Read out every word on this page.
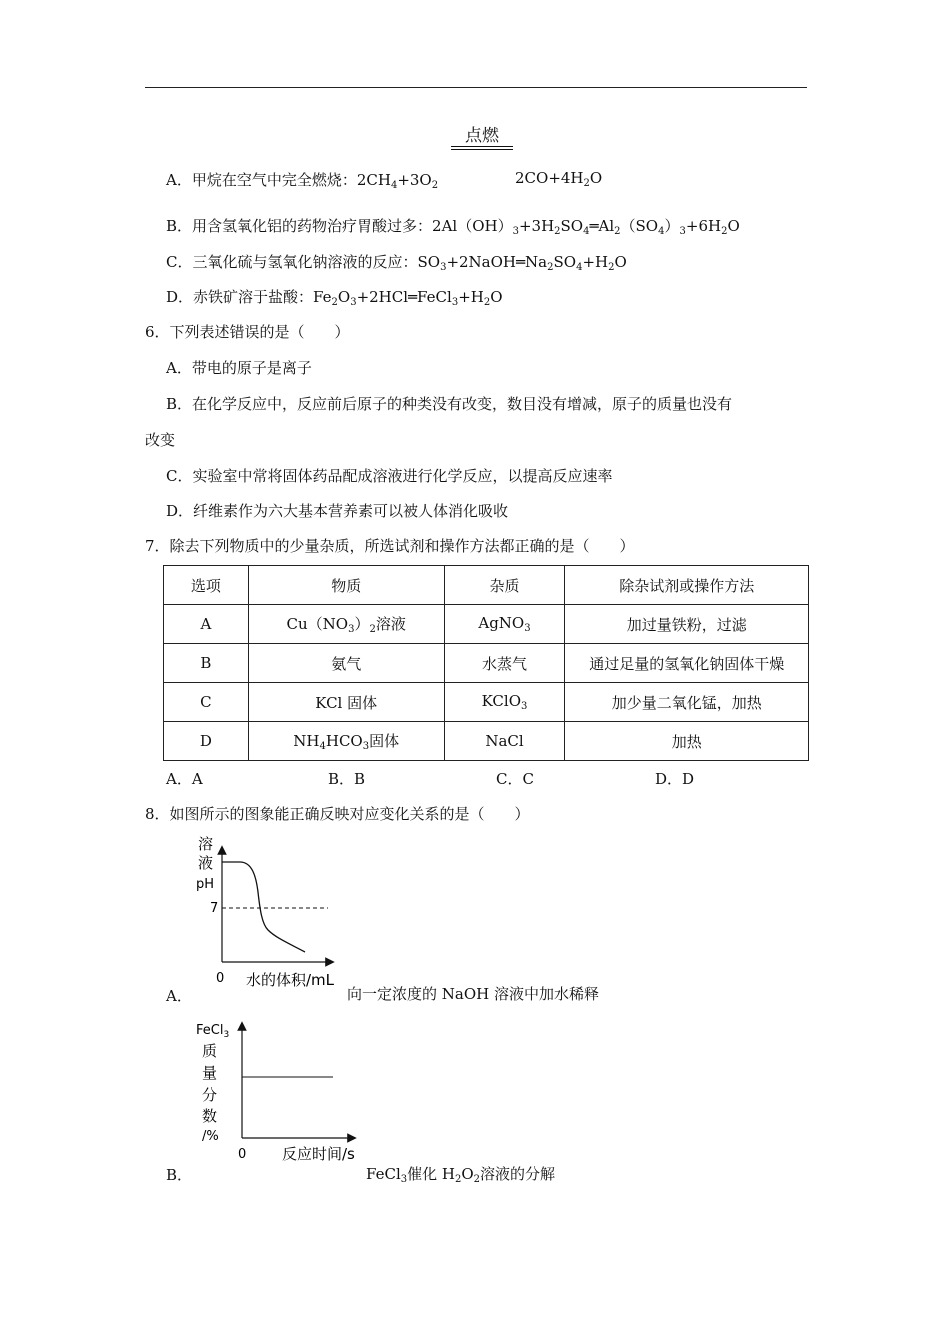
点燃
A．甲烷在空气中完全燃烧：$2CH_4+3O_2$	$2CO+4H_2O$
B．用含氢氧化铝的药物治疗胃酸过多：$2Al(OH)_3+3H_2SO_4═Al_2(SO_4)_3+6H_2O$
C．三氧化硫与氢氧化钠溶液的反应：$SO_3+2NaOH═Na_2SO_4+H_2O$
D．赤铁矿溶于盐酸：$Fe_2O_3+2HCl═FeCl_3+H_2O$
6．下列表述错误的是（　　）
A．带电的原子是离子
B．在化学反应中，反应前后原子的种类没有改变，数目没有增减，原子的质量也没有
改变
C．实验室中常将固体药品配成溶液进行化学反应，以提高反应速率
D．纤维素作为六大基本营养素可以被人体消化吸收
7．除去下列物质中的少量杂质，所选试剂和操作方法都正确的是（　　）
选项	物质	杂质	除杂试剂或操作方法
A	$Cu(NO_3)_2$溶液	AgNO$_3$	加过量铁粉，过滤
B	氨气	水蒸气	通过足量的氢氧化钠固体干燥
C	KCl 固体	KClO$_3$	加少量二氧化锰，加热
D	$NH_4HCO_3$固体	NaCl	加热
A．A	B．B	C．C	D．D
8．如图所示的图象能正确反映对应变化关系的是（　　）
溶
液
pH
7
0 水的体积/mL
A．	向一定浓度的 NaOH 溶液中加水稀释
FeCl$_3$
质
量
分
数
/%
0 反应时间/s
B．	FeCl$_3$催化 $H_2O_2$溶液的分解
